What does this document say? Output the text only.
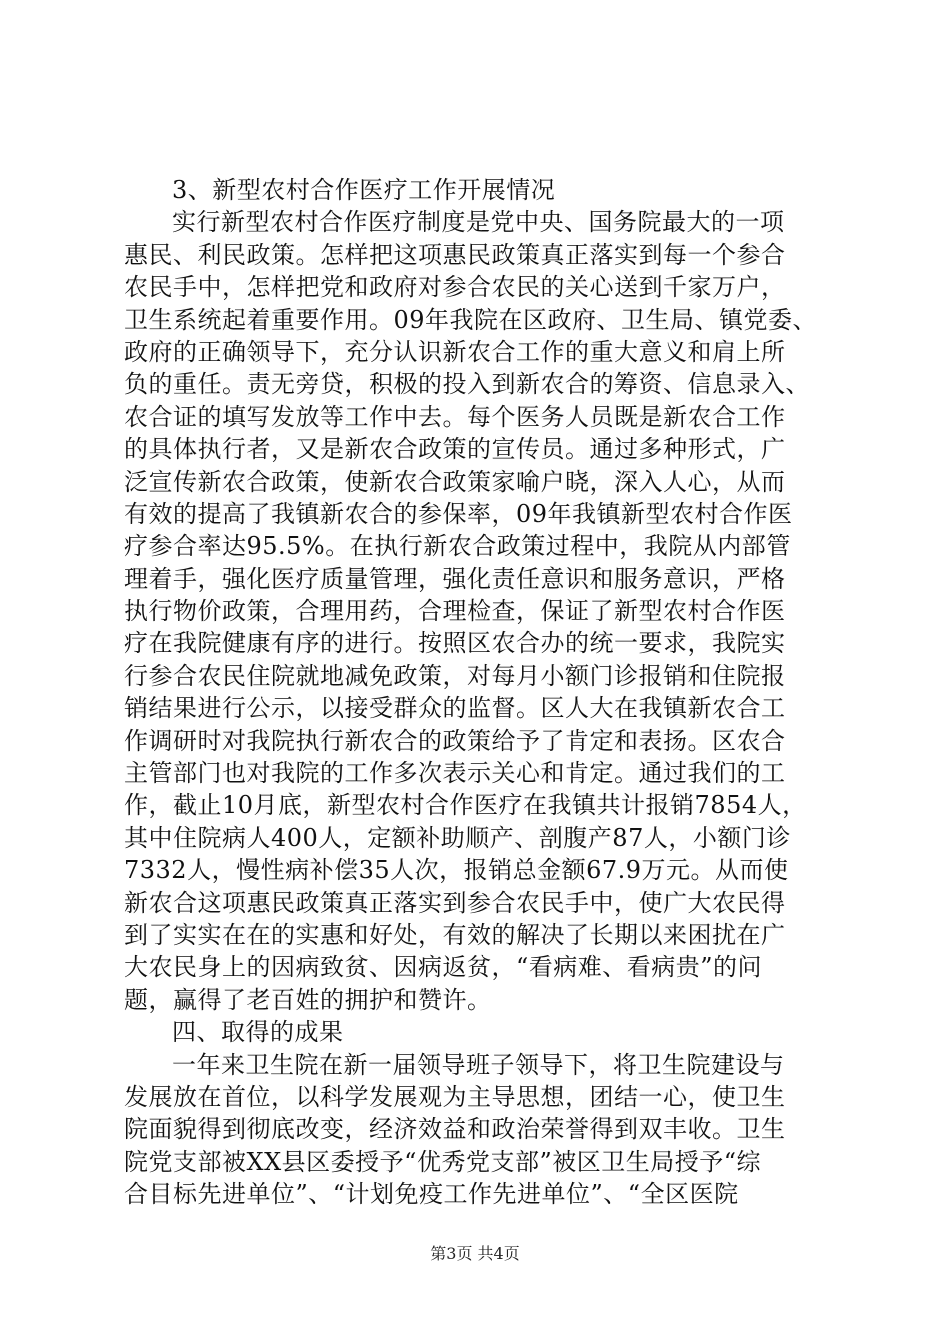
3、新型农村合作医疗工作开展情况
实行新型农村合作医疗制度是党中央、国务院最大的一项
惠民、利民政策。怎样把这项惠民政策真正落实到每一个参合
农民手中，怎样把党和政府对参合农民的关心送到千家万户，
卫生系统起着重要作用。09年我院在区政府、卫生局、镇党委、
政府的正确领导下，充分认识新农合工作的重大意义和肩上所
负的重任。责无旁贷，积极的投入到新农合的筹资、信息录入、
农合证的填写发放等工作中去。每个医务人员既是新农合工作
的具体执行者，又是新农合政策的宣传员。通过多种形式，广
泛宣传新农合政策，使新农合政策家喻户晓，深入人心，从而
有效的提高了我镇新农合的参保率，09年我镇新型农村合作医
疗参合率达95.5%。在执行新农合政策过程中，我院从内部管
理着手，强化医疗质量管理，强化责任意识和服务意识，严格
执行物价政策，合理用药，合理检查，保证了新型农村合作医
疗在我院健康有序的进行。按照区农合办的统一要求，我院实
行参合农民住院就地减免政策，对每月小额门诊报销和住院报
销结果进行公示，以接受群众的监督。区人大在我镇新农合工
作调研时对我院执行新农合的政策给予了肯定和表扬。区农合
主管部门也对我院的工作多次表示关心和肯定。通过我们的工
作，截止10月底，新型农村合作医疗在我镇共计报销7854人，
其中住院病人400人，定额补助顺产、剖腹产87人，小额门诊
7332人，慢性病补偿35人次，报销总金额67.9万元。从而使
新农合这项惠民政策真正落实到参合农民手中，使广大农民得
到了实实在在的实惠和好处，有效的解决了长期以来困扰在广
大农民身上的因病致贫、因病返贫，“看病难、看病贵”的问
题，赢得了老百姓的拥护和赞许。
四、取得的成果
一年来卫生院在新一届领导班子领导下，将卫生院建设与
发展放在首位，以科学发展观为主导思想，团结一心，使卫生
院面貌得到彻底改变，经济效益和政治荣誉得到双丰收。卫生
院党支部被XX县区委授予“优秀党支部”被区卫生局授予“综
合目标先进单位”、“计划免疫工作先进单位”、“全区医院
第3页 共4页
